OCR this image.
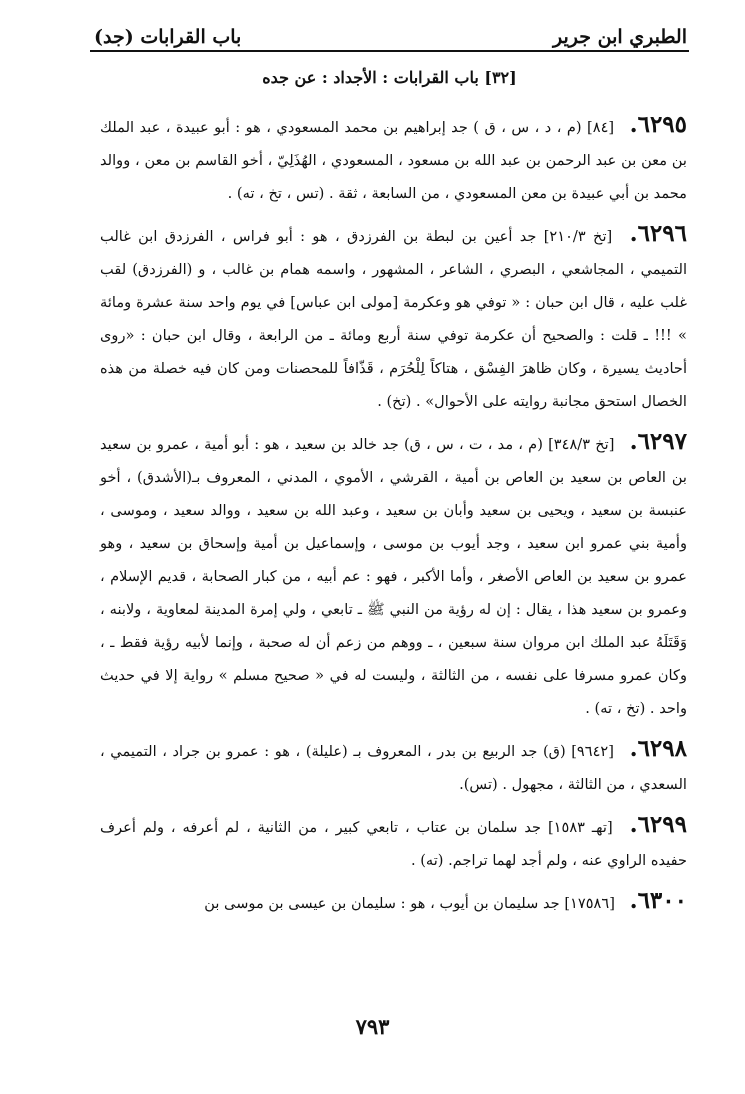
الطبري ابن جرير
باب القرابات (جد)
[٣٢] باب القرابات : الأجداد : عن جده

٦٢٩٥. [٨٤] (م ، د ، س ، ق ) جد إبراهيم بن محمد المسعودي ، هو : أبو عبيدة ، عبد الملك بن معن بن عبد الرحمن بن عبد الله بن مسعود ، المسعودي ، الهُذَلِيّ ، أخو القاسم بن معن ، ووالد محمد بن أبي عبيدة بن معن المسعودي ، من السابعة ، ثقة . (تس ، تخ ، ته) .

٦٢٩٦. [تخ ٢١٠/٣] جد أعين بن لبطة بن الفرزدق ، هو : أبو فراس ، الفرزدق ابن غالب التميمي ، المجاشعي ، البصري ، الشاعر ، المشهور ، واسمه همام بن غالب ، و (الفرزدق) لقب غلب عليه ، قال ابن حبان : « توفي هو وعكرمة [مولى ابن عباس] في يوم واحد سنة عشرة ومائة » !!! ـ قلت : والصحيح أن عكرمة توفي سنة أربع ومائة ـ من الرابعة ، وقال ابن حبان : «روى أحاديث يسيرة ، وكان ظاهرَ الفِسْق ، هتاكاً لِلْحُرَم ، قَذّافاً للمحصنات ومن كان فيه خصلة من هذه الخصال استحق مجانبة روايته على الأحوال» . (تخ) .

٦٢٩٧. [تخ ٣٤٨/٣] (م ، مد ، ت ، س ، ق) جد خالد بن سعيد ، هو : أبو أمية ، عمرو بن سعيد بن العاص بن سعيد بن العاص بن أمية ، القرشي ، الأموي ، المدني ، المعروف بـ(الأشدق) ، أخو عنبسة بن سعيد ، ويحيى بن سعيد وأبان بن سعيد ، وعبد الله بن سعيد ، ووالد سعيد ، وموسى ، وأمية بني عمرو ابن سعيد ، وجد أيوب بن موسى ، وإسماعيل بن أمية وإسحاق بن سعيد ، وهو عمرو بن سعيد بن العاص الأصغر ، وأما الأكبر ، فهو : عم أبيه ، من كبار الصحابة ، قديم الإسلام ، وعمرو بن سعيد هذا ، يقال : إن له رؤية من النبي ﷺ ـ تابعي ، ولي إمرة المدينة لمعاوية ، ولابنه ، وَقَتَلَهُ عبد الملك ابن مروان سنة سبعين ، ـ ووهم من زعم أن له صحبة ، وإنما لأبيه رؤية فقط ـ ، وكان عمرو مسرفا على نفسه ، من الثالثة ، وليست له في « صحيح مسلم » رواية إلا في حديث واحد . (تخ ، ته) .

٦٢٩٨. [٩٦٤٢] (ق) جد الربيع بن بدر ، المعروف بـ (عليلة) ، هو : عمرو بن جراد ، التميمي ، السعدي ، من الثالثة ، مجهول . (تس).

٦٢٩٩. [تهـ ١٥٨٣] جد سلمان بن عتاب ، تابعي كبير ، من الثانية ، لم أعرفه ، ولم أعرف حفيده الراوي عنه ، ولم أجد لهما تراجم. (ته) .

٦٣٠٠. [١٧٥٨٦] جد سليمان بن أيوب ، هو : سليمان بن عيسى بن موسى بن

٧٩٣
